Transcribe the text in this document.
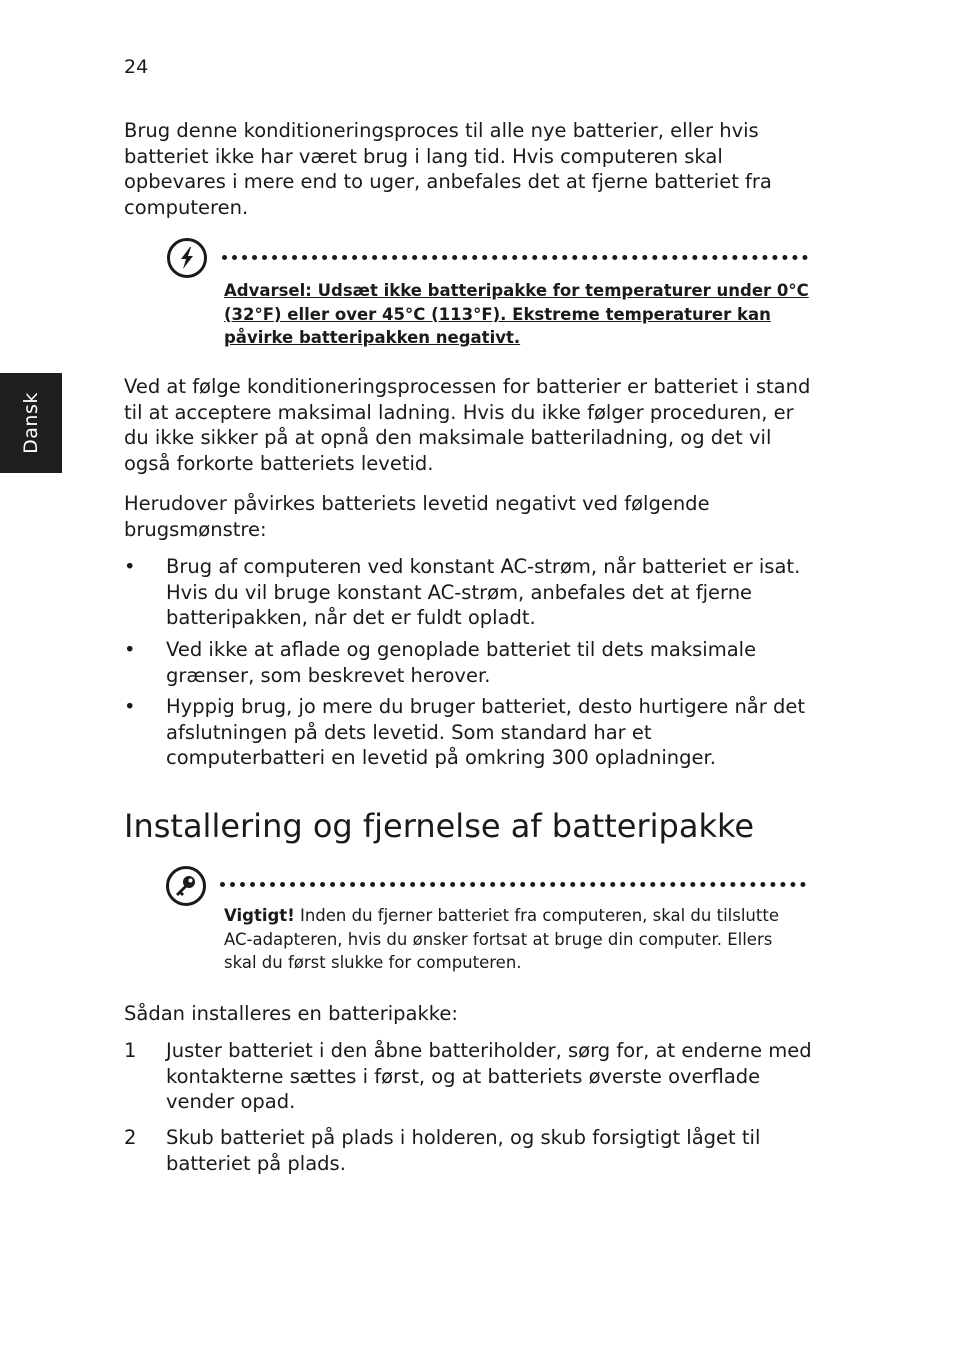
24
Dansk
Brug denne konditioneringsproces til alle nye batterier, eller hvis batteriet ikke har været brug i lang tid. Hvis computeren skal opbevares i mere end to uger, anbefales det at fjerne batteriet fra computeren.
Advarsel: Udsæt ikke batteripakke for temperaturer under 0°C (32°F) eller over 45°C (113°F). Ekstreme temperaturer kan påvirke batteripakken negativt.
Ved at følge konditioneringsprocessen for batterier er batteriet i stand til at acceptere maksimal ladning. Hvis du ikke følger proceduren, er du ikke sikker på at opnå den maksimale batteriladning, og det vil også forkorte batteriets levetid.
Herudover påvirkes batteriets levetid negativt ved følgende brugsmønstre:
• Brug af computeren ved konstant AC-strøm, når batteriet er isat. Hvis du vil bruge konstant AC-strøm, anbefales det at fjerne batteripakken, når det er fuldt opladt.
• Ved ikke at aflade og genoplade batteriet til dets maksimale grænser, som beskrevet herover.
• Hyppig brug, jo mere du bruger batteriet, desto hurtigere når det afslutningen på dets levetid. Som standard har et computerbatteri en levetid på omkring 300 opladninger.
Installering og fjernelse af batteripakke
Vigtigt! Inden du fjerner batteriet fra computeren, skal du tilslutte AC-adapteren, hvis du ønsker fortsat at bruge din computer. Ellers skal du først slukke for computeren.
Sådan installeres en batteripakke:
1 Juster batteriet i den åbne batteriholder, sørg for, at enderne med kontakterne sættes i først, og at batteriets øverste overflade vender opad.
2 Skub batteriet på plads i holderen, og skub forsigtigt låget til batteriet på plads.
